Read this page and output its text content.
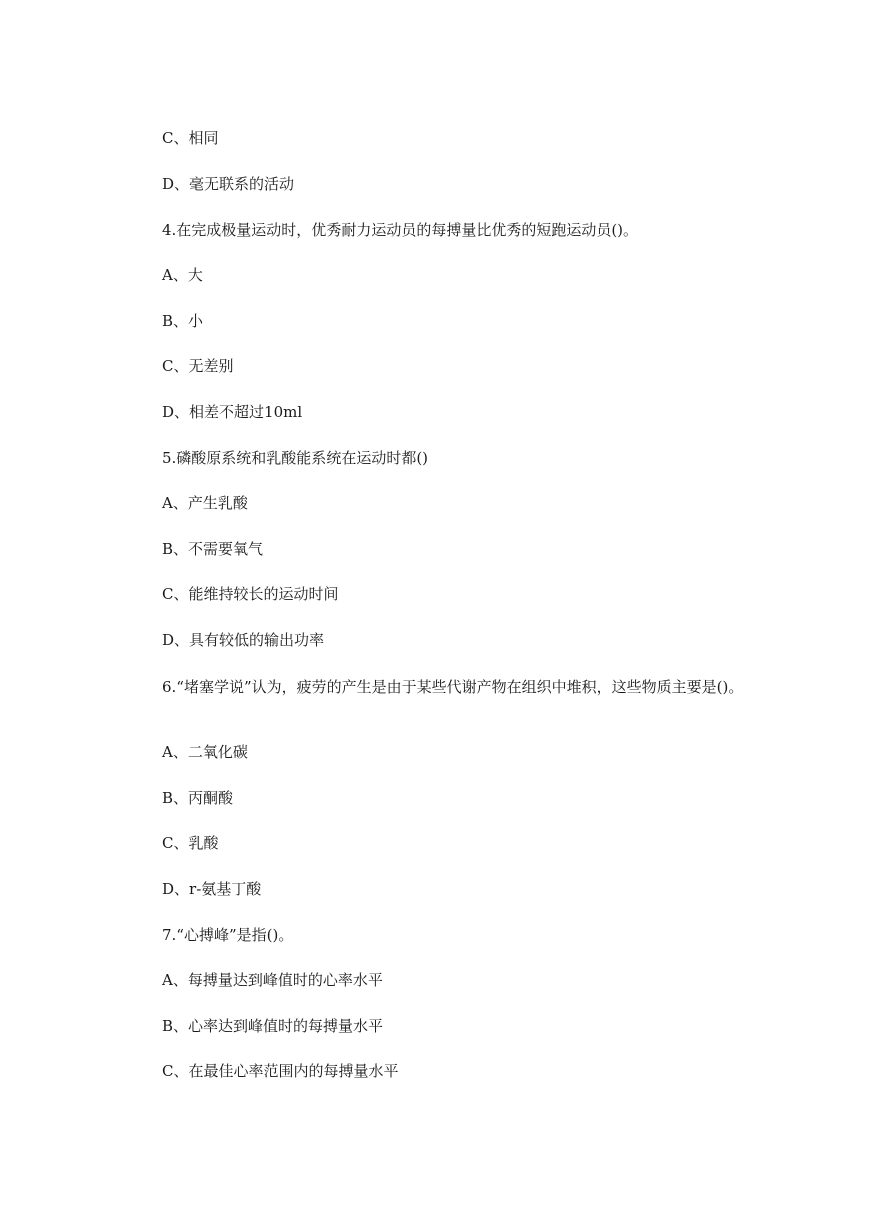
C、相同
D、毫无联系的活动
4.在完成极量运动时，优秀耐力运动员的每搏量比优秀的短跑运动员()。
A、大
B、小
C、无差别
D、相差不超过10ml
5.磷酸原系统和乳酸能系统在运动时都()
A、产生乳酸
B、不需要氧气
C、能维持较长的运动时间
D、具有较低的输出功率
6.“堵塞学说”认为，疲劳的产生是由于某些代谢产物在组织中堆积，这些物质主要是()。
A、二氧化碳
B、丙酮酸
C、乳酸
D、r-氨基丁酸
7.“心搏峰”是指()。
A、每搏量达到峰值时的心率水平
B、心率达到峰值时的每搏量水平
C、在最佳心率范围内的每搏量水平
